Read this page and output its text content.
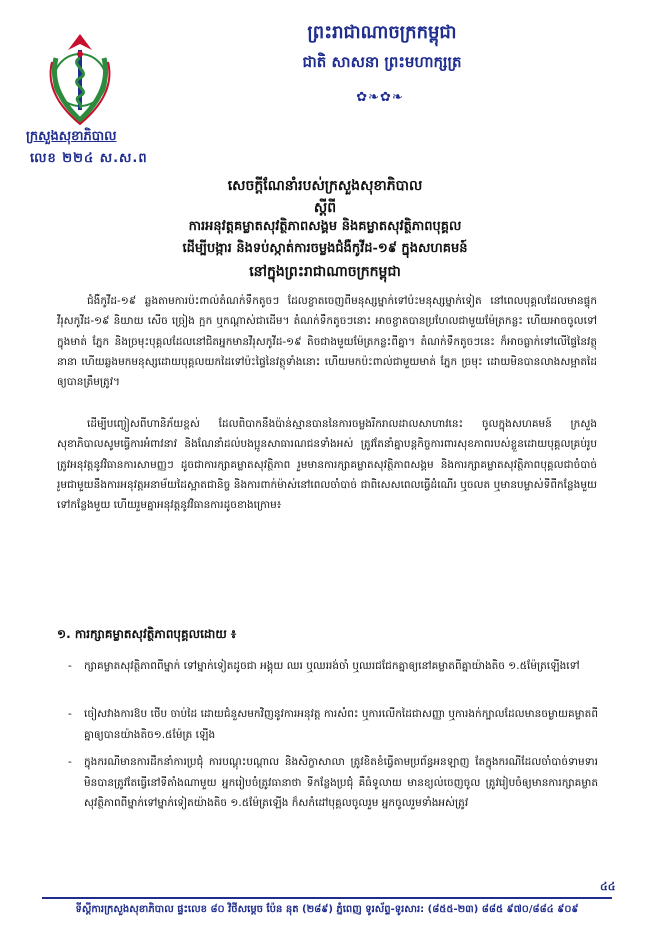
ក្រសួងសុខាភិបាល
លេខ ២២៤ ស.ស.ព
ព្រះរាជាណាចក្រកម្ពុជា
ជាតិ សាសនា ព្រះមហាក្សត្រ
✿❧✿❧
សេចក្តីណែនាំរបស់ក្រសួងសុខាភិបាល
ស្តីពី
ការអនុវត្តគម្លាតសុវត្ថិភាពសង្គម និងគម្លាតសុវត្ថិភាពបុគ្គល
ដើម្បីបង្ការ និងទប់ស្កាត់ការចម្លងជំងឺកូវីដ-១៩ ក្នុងសហគមន៍
នៅក្នុងព្រះរាជាណាចក្រកម្ពុជា

ជំងឺកូវីដ-១៩ ឆ្លងតាមការប៉ះពាល់តំណក់ទឹកតូចៗ ដែលខ្ចាតចេញពីមនុស្សម្នាក់ទៅប៉ះមនុស្សម្នាក់ទៀត នៅពេលបុគ្គលដែលមានផ្ទុកវីរុសកូវីដ-១៩ និយាយ សើច ច្រៀង ក្អក ឬកណ្តាស់ជាដើម។ តំណក់ទឹកតូចៗនោះ អាចខ្ចាតបានប្រហែលជាមួយម៉ែត្រកន្លះ ហើយអាចចូលទៅក្នុងមាត់ ភ្នែក និងច្រមុះបុគ្គលដែលនៅជិតអ្នកមានវីរុសកូវីដ-១៩ តិចជាងមួយម៉ែត្រកន្លះពីគ្នា។ តំណក់ទឹកតូចៗនេះ ក៏អាចធ្លាក់ទៅលើផ្ទៃនៃវត្ថុនានា ហើយឆ្លងមកមនុស្សដោយបុគ្គលយកដៃទៅប៉ះផ្ទៃនៃវត្ថុទាំងនោះ ហើយមកប៉ះពាល់ជាមួយមាត់ ភ្នែក ច្រមុះ ដោយមិនបានលាងសម្អាតដៃឲ្យបានត្រឹមត្រូវ។

ដើម្បីបញ្ចៀសពីហានិភ័យខ្ពស់ ដែលពិបាកនឹងប៉ាន់ស្មានបាននៃការចម្លងរីករាលដាលសាហាវនេះ ចូលក្នុងសហគមន៍ ក្រសួងសុខាភិបាលសូមធ្វើការអំពាវនាវ និងណែនាំដល់បងប្អូនសាធារណជនទាំងអស់ ត្រូវតែនាំគ្នាបន្តកិច្ចការពារសុខភាពរបស់ខ្លួនដោយបុគ្គលគ្រប់រូបត្រូវអនុវត្តនូវវិធានការសាមញ្ញៗ ដូចជាការក្សាគម្លាតសុវត្ថិភាព រួមមានការក្សាគម្លាតសុវត្ថិភាពសង្គម និងការក្សាគម្លាតសុវត្ថិភាពបុគ្គលជាចំបាច់ រួមជាមួយនឹងការអនុវត្តអនាម័យដៃស្អាតជានិច្ច និងការពាក់ម៉ាស់នៅពេលចាំបាច់ ជាពិសេសពេលធ្វើដំណើរ ឬចលត ឬមានបម្លាស់ទីពីកន្លែងមួយទៅកន្លែងមួយ ហើយរួមគ្នាអនុវត្តនូវវិធានការដូចខាងក្រោម៖

១. ការក្សាគម្លាតសុវត្ថិភាពបុគ្គលដោយ ៖
- ក្សាគម្លាតសុវត្ថិភាពពីម្នាក់ ទៅម្នាក់ទៀតដូចជា អង្គុយ ឈរ ឬឈររង់ចាំ ឬឈរជជែកគ្នាឲ្យនៅគម្លាតពីគ្នាយ៉ាងតិច ១.៥ម៉ែត្រឡើងទៅ
- ចៀសវាងការឱប ថើប ចាប់ដៃ ដោយជំនួសមកវិញនូវការអនុវត្ត ការសំពះ ឬការលើកដៃជាសញ្ញា ឬការងក់ក្បាលដែលមានចម្ងាយគម្លាតពីគ្នាឲ្យបានយ៉ាងតិច១.៥ម៉ែត្រ ឡើង
- ក្នុងករណីមានការដឹកនាំការប្រជុំ ការបណ្តុះបណ្តាល និងសិក្ខាសាលា ត្រូវខិតខំធ្វើតាមប្រព័ន្ធអនឡាញ តែក្នុងករណីដែលចាំបាច់ទាមទារមិនបានត្រូវតែធ្វើនៅទីតាំងណាមួយ អ្នករៀបចំត្រូវធានាថា ទីកន្លែងប្រជុំ គឺធំទូលាយ មានខ្យល់ចេញចូល ត្រូវរៀបចំឲ្យមានការក្សាគម្លាតសុវត្ថិភាពពីម្នាក់ទៅម្នាក់ទៀតយ៉ាងតិច ១.៥ម៉ែត្រឡើង ក៏សកំដៅបុគ្គលចូលរួម អ្នកចូលរួមទាំងអស់ត្រូវ
៤៤
ទីស្តីការក្រសួងសុខាភិបាល ផ្ទះលេខ ៨០ វិថីសម្តេច ប៉ែន នុត (២៨៩) ភ្នំពេញ ទូរស័ព្ទ-ទូរសារ: (៨៥៥-២៣) ៨៨៥ ៩៧០/៨៨៤ ៩០៩
